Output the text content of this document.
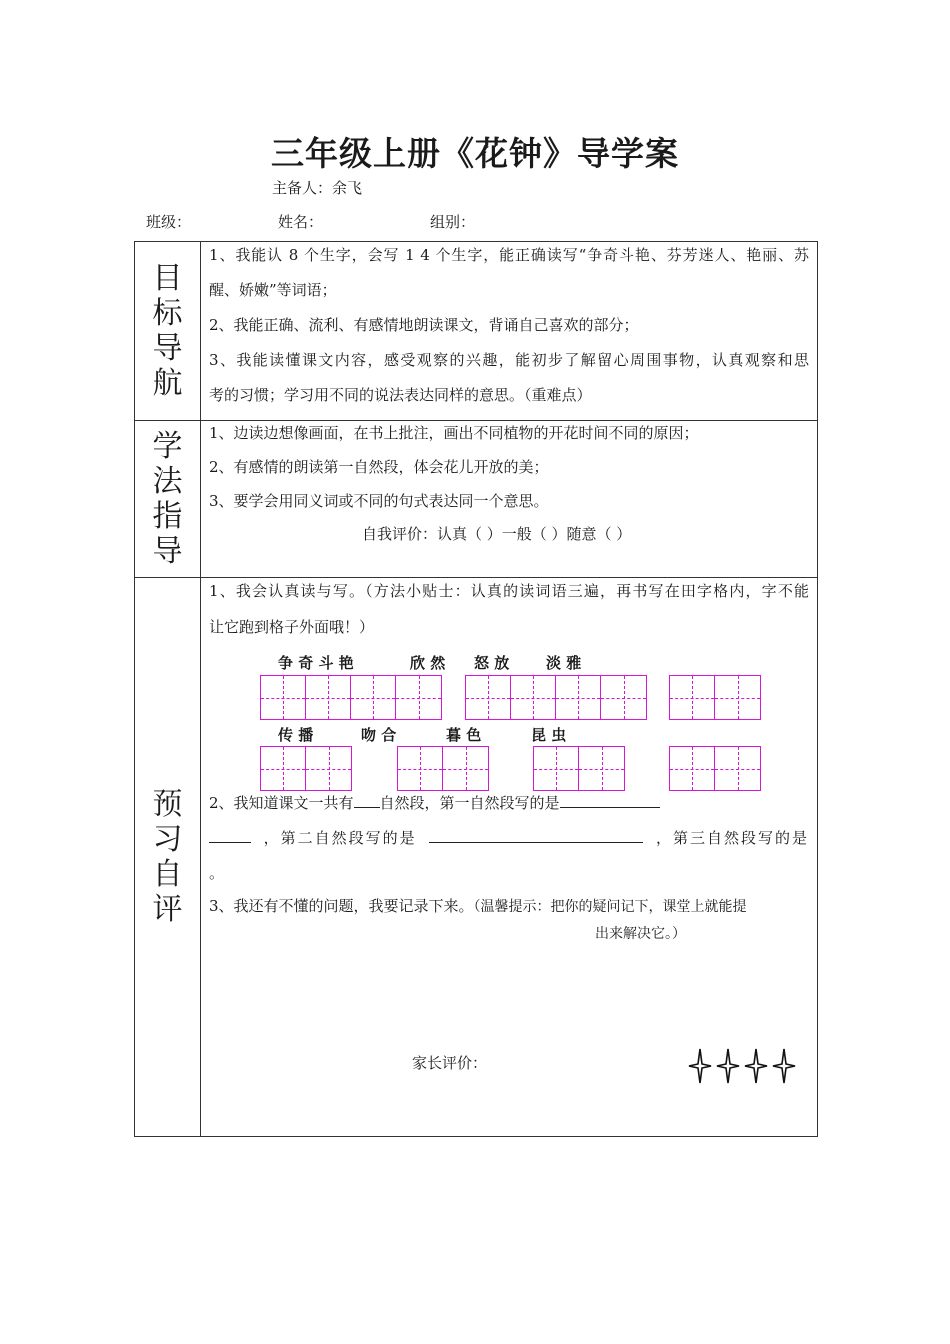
三年级上册《花钟》导学案
主备人：余飞
班级：	姓名：	组别：
目
标
导
航
1、我能认 8 个生字，会写 1 4 个生字，能正确读写“争奇斗艳、芬芳迷人、艳丽、苏
醒、娇嫩”等词语；
2、我能正确、流利、有感情地朗读课文，背诵自己喜欢的部分；
3、我能读懂课文内容，感受观察的兴趣，能初步了解留心周围事物，认真观察和思
考的习惯；学习用不同的说法表达同样的意思。（重难点）
学
法
指
导
1、边读边想像画面，在书上批注，画出不同植物的开花时间不同的原因；
2、有感情的朗读第一自然段，体会花儿开放的美；
3、要学会用同义词或不同的句式表达同一个意思。
自我评价：认真（ ）一般（ ）随意（ ）
预
习
自
评
1、我会认真读与写。（方法小贴士：认真的读词语三遍，再书写在田字格内，字不能
让它跑到格子外面哦！）
争 奇 斗 艳	欣 然 怒 放 淡 雅
传 播	吻 合	暮 色	昆 虫
2、我知道课文一共有 自然段，第一自然段写的是
，第二自然段写的是	，第三自然段写的是
。
3、我还有不懂的问题，我要记录下来。（温馨提示：把你的疑问记下，课堂上就能提
出来解决它。）
家长评价：
